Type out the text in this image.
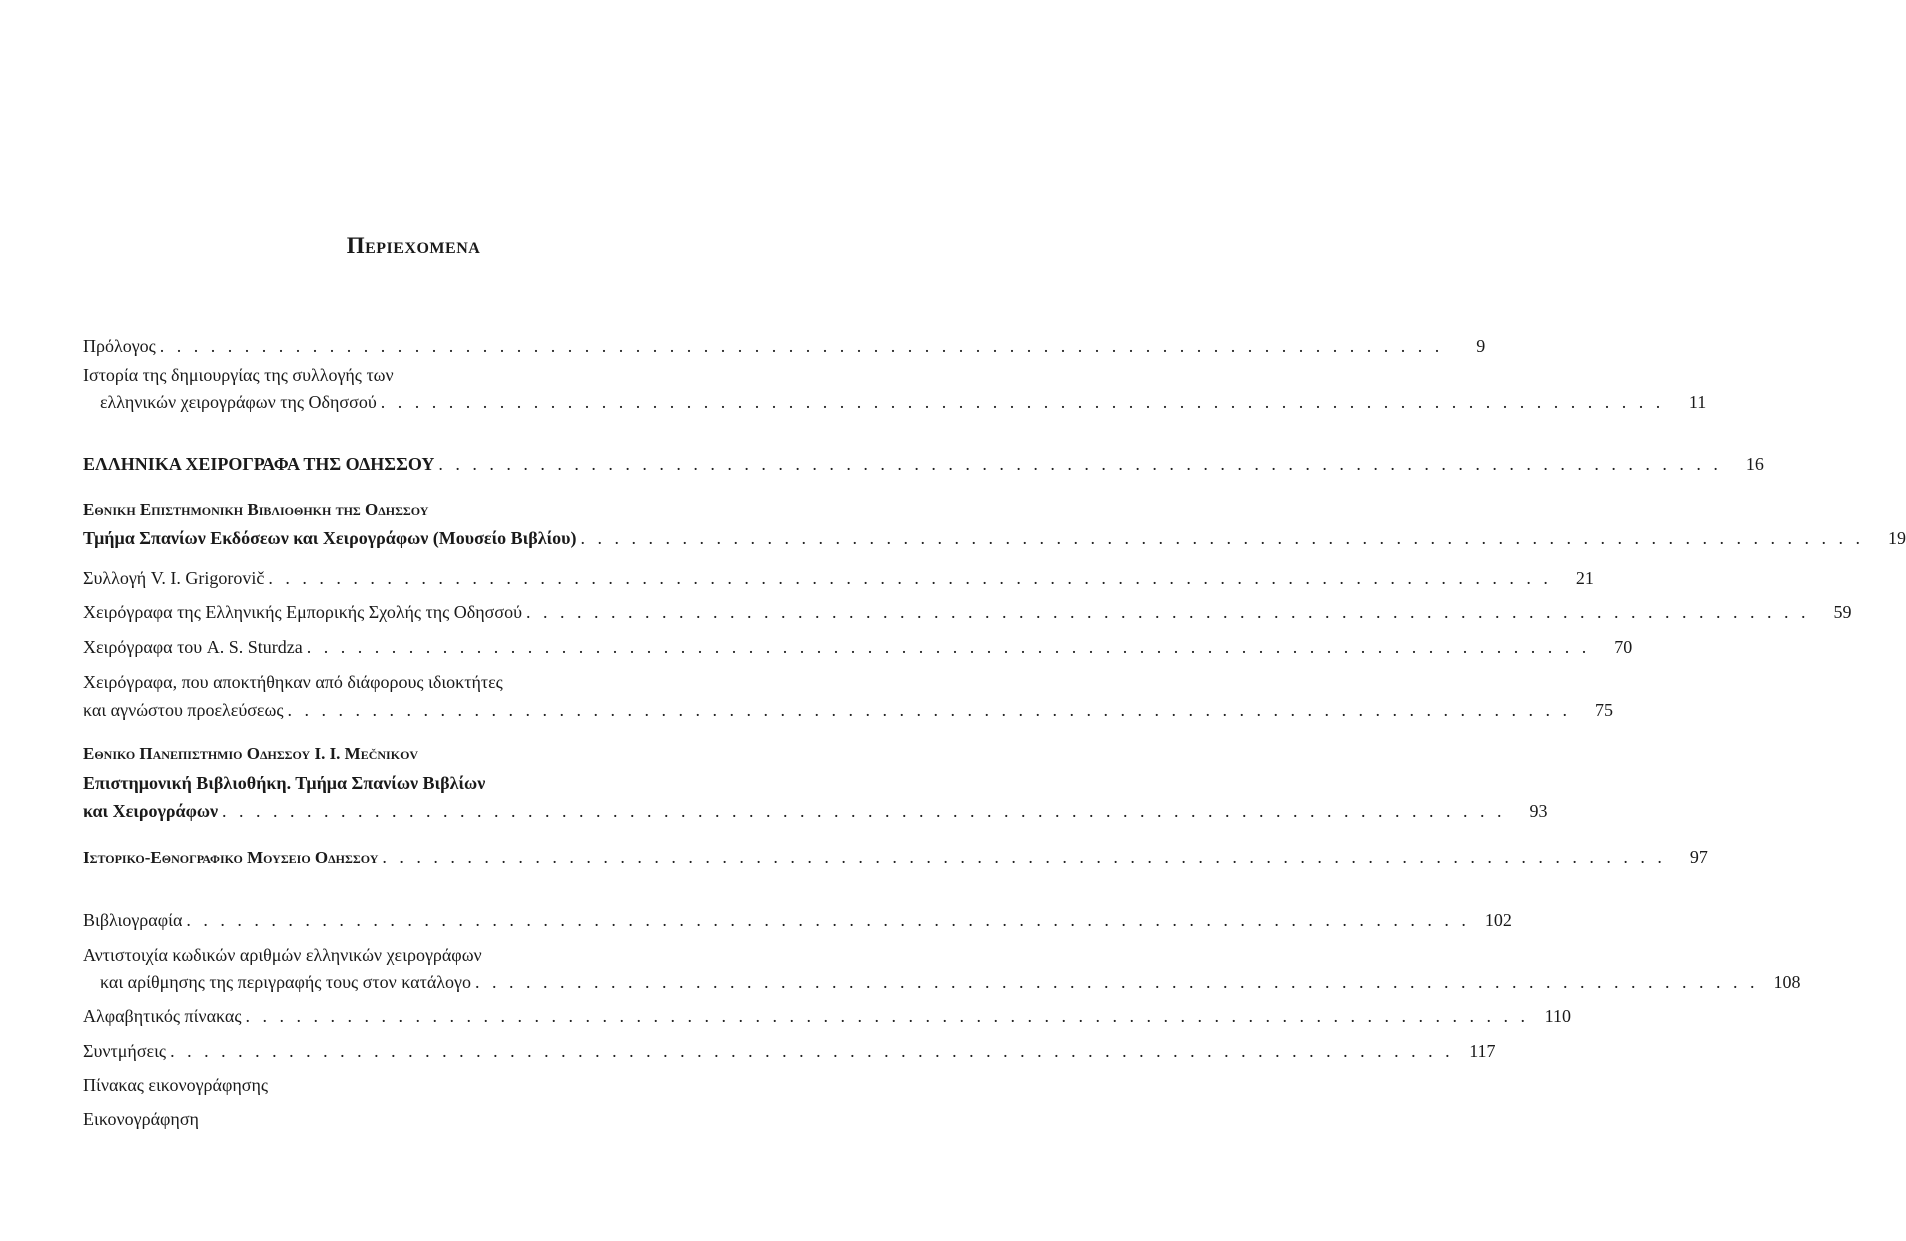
Περιεχομενα
Πρόλογος . . . . . . . . . . . . . . . . . . . . . . . . . . . . . . . . . . . . . . . . . . . . . . . . . . . . . . . . . . . . . . . . . . . . . . . . . . . .	9
Ιστορία της δημιουργίας της συλλογής των
ελληνικών χειρογράφων της Οδησσού . . . . . . . . . . . . . . . . . . . . . . . . . . . . . . . . . . . . . . . . . . . . . . . . . . . . . . . . . . . . . . . . . . . . . . . . . . . .	11
ΕΛΛΗΝΙΚΑ ΧΕΙΡΟΓΡΑΦΑ ΤΗΣ ΟΔΗΣΣΟΥ . . . . . . . . . . . . . . . . . . . . . . . . . . . . . . . . . . . . . . . . . . . . . . . . . . . . . . . . . . . . . . . . . . . . . . . . . . . .	16
Εθνικη Επιστημονικη Βιβλιοθηκη της Οδησσου
Τμήμα Σπανίων Εκδόσεων και Χειρογράφων (Μουσείο Βιβλίου) . . . . . . . . . . . . . . . . . . . . . . . . . . . . . . . . . . . . . . . . . . . . . . . . . . . . . . . . . . . . . . . . . . . . . . . . . . . .	19
Συλλογή V. I. Grigorovič . . . . . . . . . . . . . . . . . . . . . . . . . . . . . . . . . . . . . . . . . . . . . . . . . . . . . . . . . . . . . . . . . . . . . . . . . . . .	21
Χειρόγραφα της Ελληνικής Εμπορικής Σχολής της Οδησσού . . . . . . . . . . . . . . . . . . . . . . . . . . . . . . . . . . . . . . . . . . . . . . . . . . . . . . . . . . . . . . . . . . . . . . . . . . . .	59
Χειρόγραφα του A. S. Sturdza . . . . . . . . . . . . . . . . . . . . . . . . . . . . . . . . . . . . . . . . . . . . . . . . . . . . . . . . . . . . . . . . . . . . . . . . . . . .	70
Χειρόγραφα, που αποκτήθηκαν από διάφορους ιδιοκτήτες
και αγνώστου προελεύσεως . . . . . . . . . . . . . . . . . . . . . . . . . . . . . . . . . . . . . . . . . . . . . . . . . . . . . . . . . . . . . . . . . . . . . . . . . . . .	75
Εθνικο Πανεπιστημιο Οδησσου I. I. Mečnikov
Επιστημονική Βιβλιοθήκη. Τμήμα Σπανίων Βιβλίων
και Χειρογράφων . . . . . . . . . . . . . . . . . . . . . . . . . . . . . . . . . . . . . . . . . . . . . . . . . . . . . . . . . . . . . . . . . . . . . . . . . . . .	93
Ιστορικο-Εθνογραφικο Μουσειο Οδησσου . . . . . . . . . . . . . . . . . . . . . . . . . . . . . . . . . . . . . . . . . . . . . . . . . . . . . . . . . . . . . . . . . . . . . . . . . . . .	97
Βιβλιογραφία . . . . . . . . . . . . . . . . . . . . . . . . . . . . . . . . . . . . . . . . . . . . . . . . . . . . . . . . . . . . . . . . . . . . . . . . . . . . 102
Αντιστοιχία κωδικών αριθμών ελληνικών χειρογράφων
και αρίθμησης της περιγραφής τους στον κατάλογο . . . . . . . . . . . . . . . . . . . . . . . . . . . . . . . . . . . . . . . . . . . . . . . . . . . . . . . . . . . . . . . . . . . . . . . . . . . . 108
Αλφαβητικός πίνακας . . . . . . . . . . . . . . . . . . . . . . . . . . . . . . . . . . . . . . . . . . . . . . . . . . . . . . . . . . . . . . . . . . . . . . . . . . . . 110
Συντμήσεις . . . . . . . . . . . . . . . . . . . . . . . . . . . . . . . . . . . . . . . . . . . . . . . . . . . . . . . . . . . . . . . . . . . . . . . . . . . . 117
Πίνακας εικονογράφησης
Εικονογράφηση
